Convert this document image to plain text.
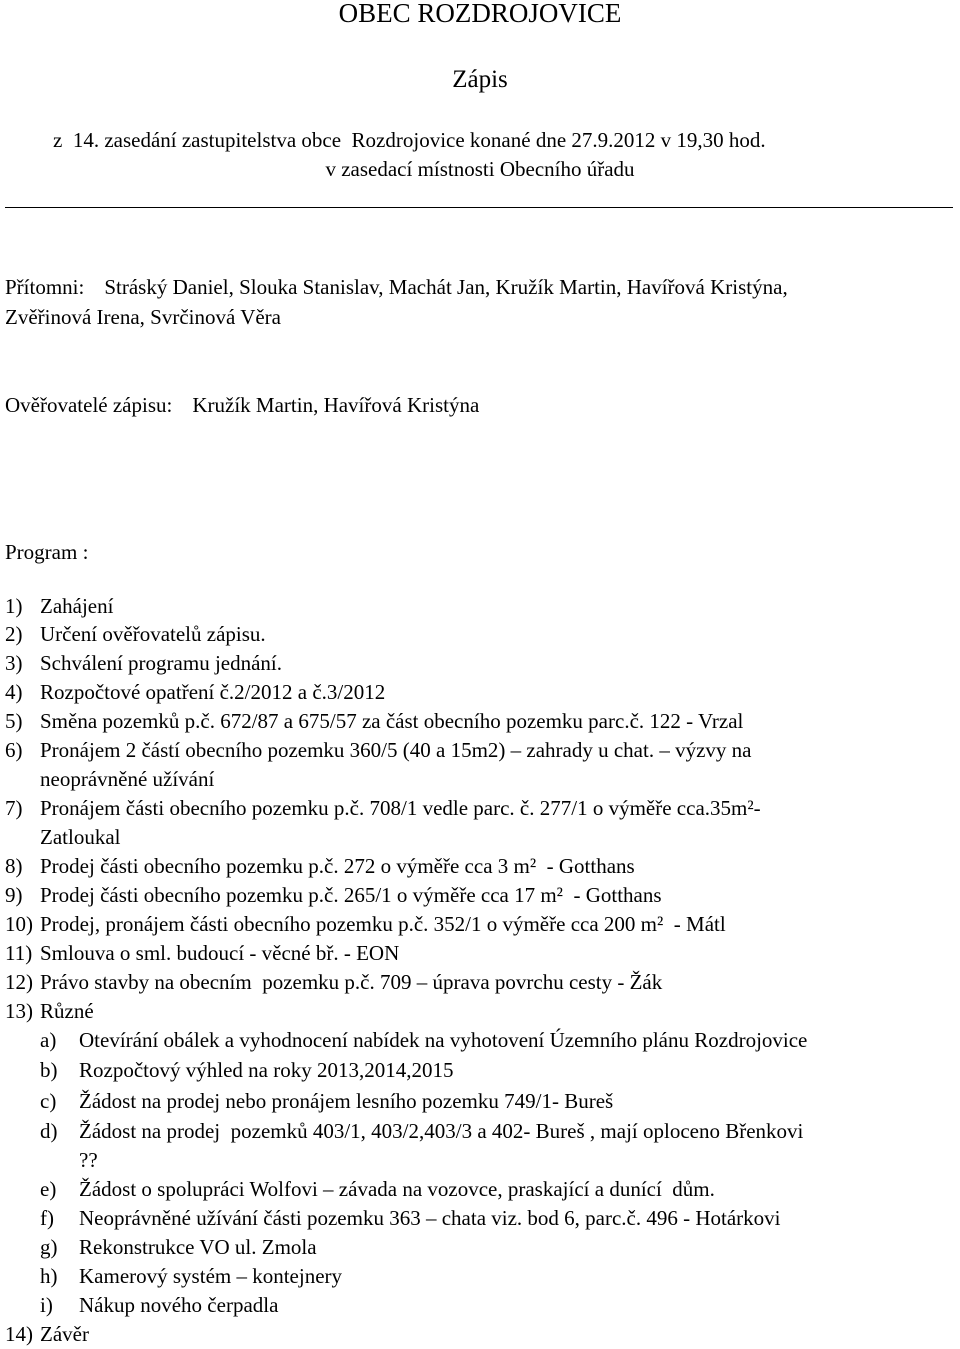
OBEC ROZDROJOVICE
Zápis
z  14. zasedání zastupitelstva obce  Rozdrojovice konané dne 27.9.2012 v 19,30 hod.
v zasedací místnosti Obecního úřadu
Přítomni: Stráský Daniel, Slouka Stanislav, Machát Jan, Kružík Martin, Havířová Kristýna,
Zvěřinová Irena, Svrčinová Věra
Ověřovatelé zápisu: Kružík Martin, Havířová Kristýna
Program :
1) Zahájení
2) Určení ověřovatelů zápisu.
3) Schválení programu jednání.
4) Rozpočtové opatření č.2/2012 a č.3/2012
5) Směna pozemků p.č. 672/87 a 675/57 za část obecního pozemku parc.č. 122 - Vrzal
6) Pronájem 2 částí obecního pozemku 360/5 (40 a 15m2) – zahrady u chat. – výzvy na
neoprávněné užívání
7) Pronájem části obecního pozemku p.č. 708/1 vedle parc. č. 277/1 o výměře cca.35m²-
Zatloukal
8) Prodej části obecního pozemku p.č. 272 o výměře cca 3 m²  - Gotthans
9) Prodej části obecního pozemku p.č. 265/1 o výměře cca 17 m²  - Gotthans
10) Prodej, pronájem části obecního pozemku p.č. 352/1 o výměře cca 200 m²  - Mátl
11) Smlouva o sml. budoucí - věcné bř. - EON
12) Právo stavby na obecním  pozemku p.č. 709 – úprava povrchu cesty - Žák
13) Různé
a) Otevírání obálek a vyhodnocení nabídek na vyhotovení Územního plánu Rozdrojovice
b) Rozpočtový výhled na roky 2013,2014,2015
c) Žádost na prodej nebo pronájem lesního pozemku 749/1- Bureš
d) Žádost na prodej  pozemků 403/1, 403/2,403/3 a 402- Bureš , mají oploceno Břenkovi
??
e) Žádost o spolupráci Wolfovi – závada na vozovce, praskající a dunící  dům.
f) Neoprávněné užívání části pozemku 363 – chata viz. bod 6, parc.č. 496 - Hotárkovi
g) Rekonstrukce VO ul. Zmola
h) Kamerový systém – kontejnery
i) Nákup nového čerpadla
14) Závěr
